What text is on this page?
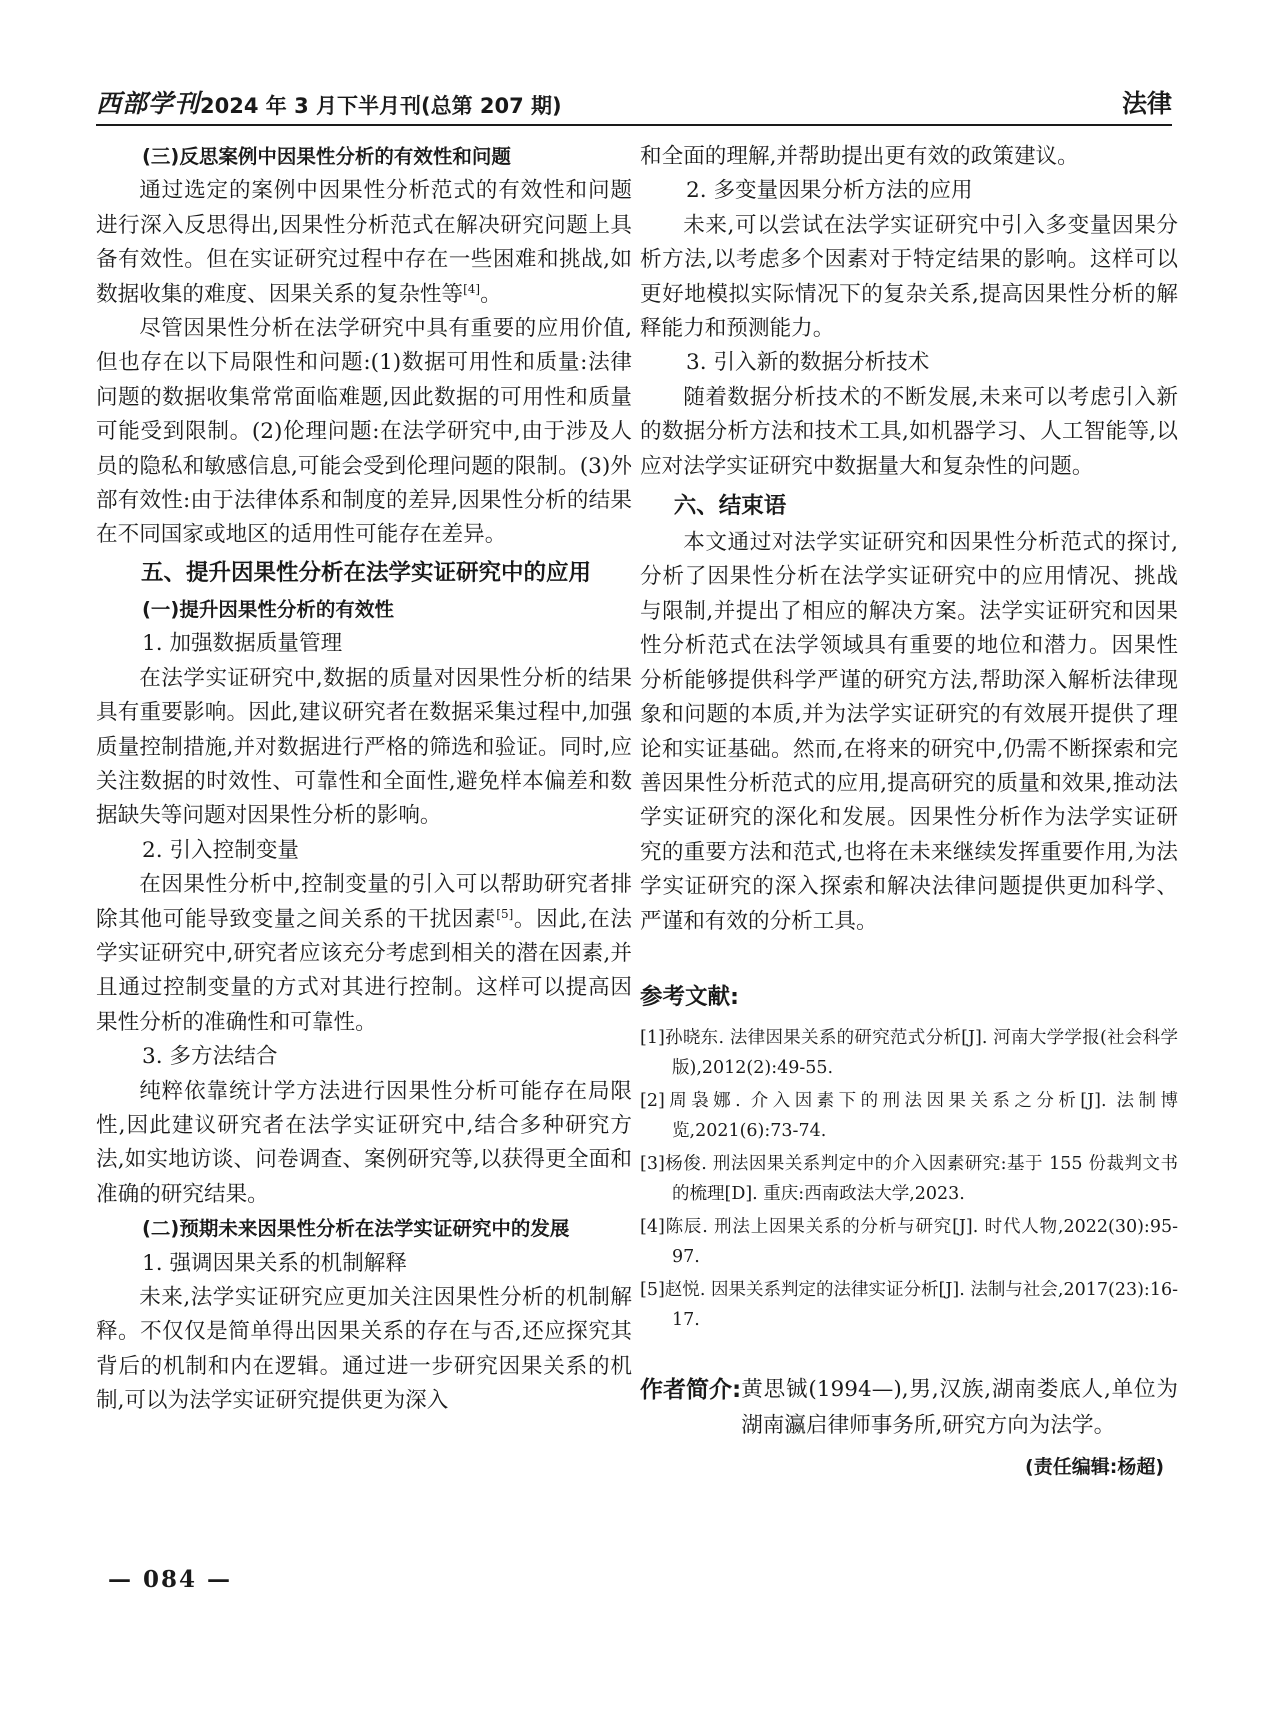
西部学刊 2024 年 3 月下半月刊(总第 207 期)	法律

(三)反思案例中因果性分析的有效性和问题

通过选定的案例中因果性分析范式的有效性和问题进行深入反思得出,因果性分析范式在解决研究问题上具备有效性。但在实证研究过程中存在一些困难和挑战,如数据收集的难度、因果关系的复杂性等[4]。

尽管因果性分析在法学研究中具有重要的应用价值,但也存在以下局限性和问题:(1)数据可用性和质量:法律问题的数据收集常常面临难题,因此数据的可用性和质量可能受到限制。(2)伦理问题:在法学研究中,由于涉及人员的隐私和敏感信息,可能会受到伦理问题的限制。(3)外部有效性:由于法律体系和制度的差异,因果性分析的结果在不同国家或地区的适用性可能存在差异。

五、提升因果性分析在法学实证研究中的应用

(一)提升因果性分析的有效性

1. 加强数据质量管理

在法学实证研究中,数据的质量对因果性分析的结果具有重要影响。因此,建议研究者在数据采集过程中,加强质量控制措施,并对数据进行严格的筛选和验证。同时,应关注数据的时效性、可靠性和全面性,避免样本偏差和数据缺失等问题对因果性分析的影响。

2. 引入控制变量

在因果性分析中,控制变量的引入可以帮助研究者排除其他可能导致变量之间关系的干扰因素[5]。因此,在法学实证研究中,研究者应该充分考虑到相关的潜在因素,并且通过控制变量的方式对其进行控制。这样可以提高因果性分析的准确性和可靠性。

3. 多方法结合

纯粹依靠统计学方法进行因果性分析可能存在局限性,因此建议研究者在法学实证研究中,结合多种研究方法,如实地访谈、问卷调查、案例研究等,以获得更全面和准确的研究结果。

(二)预期未来因果性分析在法学实证研究中的发展

1. 强调因果关系的机制解释

未来,法学实证研究应更加关注因果性分析的机制解释。不仅仅是简单得出因果关系的存在与否,还应探究其背后的机制和内在逻辑。通过进一步研究因果关系的机制,可以为法学实证研究提供更为深入

和全面的理解,并帮助提出更有效的政策建议。

2. 多变量因果分析方法的应用

未来,可以尝试在法学实证研究中引入多变量因果分析方法,以考虑多个因素对于特定结果的影响。这样可以更好地模拟实际情况下的复杂关系,提高因果性分析的解释能力和预测能力。

3. 引入新的数据分析技术

随着数据分析技术的不断发展,未来可以考虑引入新的数据分析方法和技术工具,如机器学习、人工智能等,以应对法学实证研究中数据量大和复杂性的问题。

六、结束语

本文通过对法学实证研究和因果性分析范式的探讨,分析了因果性分析在法学实证研究中的应用情况、挑战与限制,并提出了相应的解决方案。法学实证研究和因果性分析范式在法学领域具有重要的地位和潜力。因果性分析能够提供科学严谨的研究方法,帮助深入解析法律现象和问题的本质,并为法学实证研究的有效展开提供了理论和实证基础。然而,在将来的研究中,仍需不断探索和完善因果性分析范式的应用,提高研究的质量和效果,推动法学实证研究的深化和发展。因果性分析作为法学实证研究的重要方法和范式,也将在未来继续发挥重要作用,为法学实证研究的深入探索和解决法律问题提供更加科学、严谨和有效的分析工具。

参考文献:

[1]孙晓东. 法律因果关系的研究范式分析[J]. 河南大学学报(社会科学版),2012(2):49-55.

[2]周袅娜. 介入因素下的刑法因果关系之分析[J]. 法制博览,2021(6):73-74.

[3]杨俊. 刑法因果关系判定中的介入因素研究:基于 155 份裁判文书的梳理[D]. 重庆:西南政法大学,2023.

[4]陈辰. 刑法上因果关系的分析与研究[J]. 时代人物,2022(30):95-97.

[5]赵悦. 因果关系判定的法律实证分析[J]. 法制与社会,2017(23):16-17.

作者简介: 黄思铖(1994—),男,汉族,湖南娄底人,单位为湖南瀛启律师事务所,研究方向为法学。
(责任编辑:杨超)
— 084 —
